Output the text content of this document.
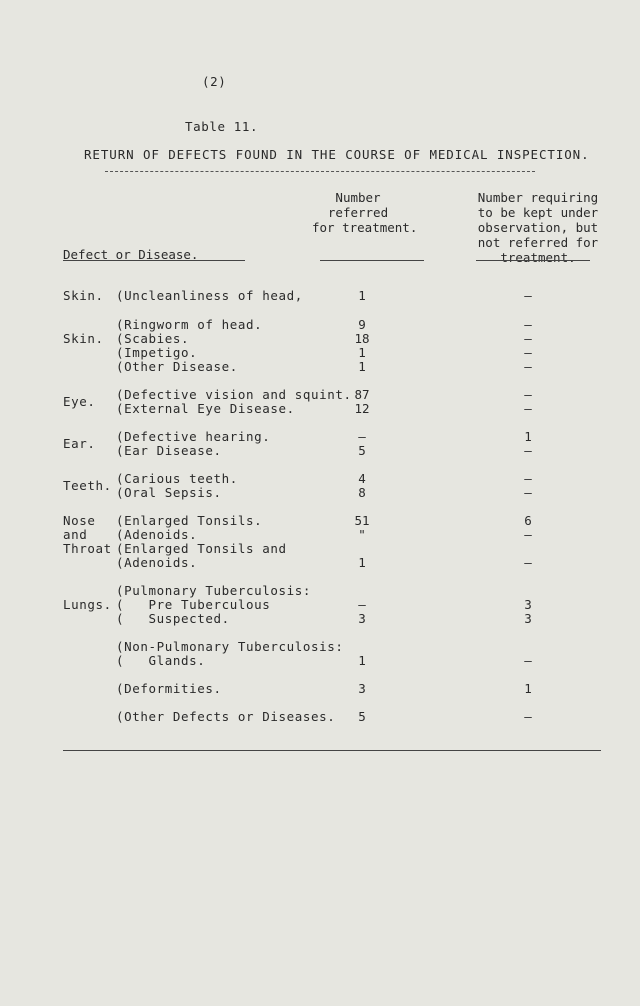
(2)
Table 11.
RETURN OF DEFECTS FOUND IN THE COURSE OF MEDICAL INSPECTION.
Number
referred
for treatment.
Number requiring
to be kept under
observation, but
not referred for
treatment.
Defect or Disease.
Skin. (Uncleanliness of head,	1	–
(Ringworm of head.	9	–
Skin. (Scabies.	18	–
(Impetigo.	1	–
(Other Disease.	1	–
(Defective vision and squint. 87	–
Eye. (External Eye Disease.	12	–
(Defective hearing.	–	1
Ear. (Ear Disease.	5	–
(Carious teeth.	4	–
Teeth. (Oral Sepsis.	8	–
Nose (Enlarged Tonsils.	51	6
and (Adenoids.	"	–
Throat (Enlarged Tonsils and
(Adenoids.	1	–
(Pulmonary Tuberculosis:
Lungs. (   Pre Tuberculous	–	3
(   Suspected.	3	3
(Non-Pulmonary Tuberculosis:
(   Glands.	1	–
(Deformities.	3	1
(Other Defects or Diseases.	5	–
